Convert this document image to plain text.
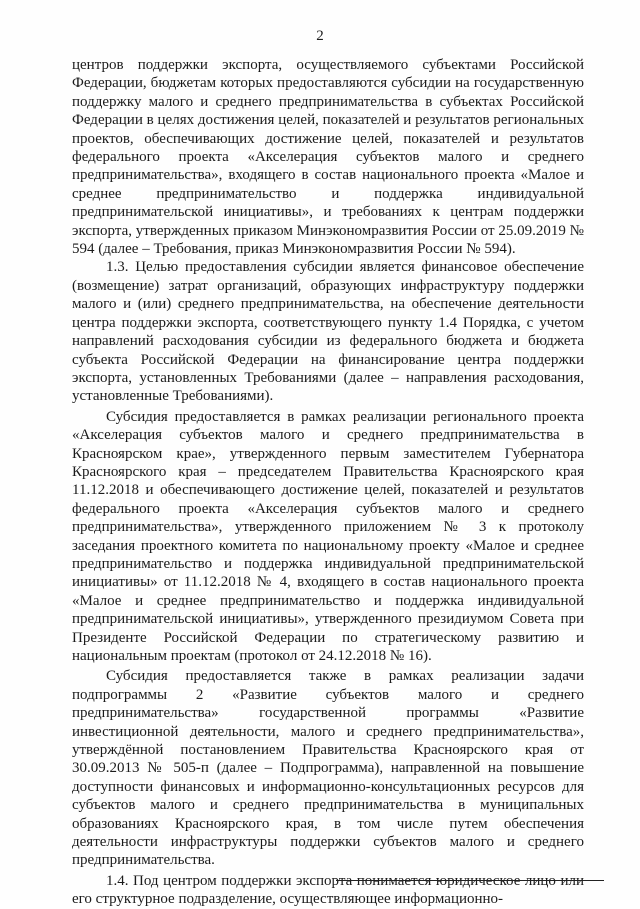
2

центров поддержки экспорта, осуществляемого субъектами Российской Федерации, бюджетам которых предоставляются субсидии на государственную поддержку малого и среднего предпринимательства в субъектах Российской Федерации в целях достижения целей, показателей и результатов региональных проектов, обеспечивающих достижение целей, показателей и результатов федерального проекта «Акселерация субъектов малого и среднего предпринимательства», входящего в состав национального проекта «Малое и среднее предпринимательство и поддержка индивидуальной предпринимательской инициативы», и требованиях к центрам поддержки экспорта, утвержденных приказом Минэкономразвития России от 25.09.2019 № 594 (далее – Требования, приказ Минэкономразвития России № 594).

1.3. Целью предоставления субсидии является финансовое обеспечение (возмещение) затрат организаций, образующих инфраструктуру поддержки малого и (или) среднего предпринимательства, на обеспечение деятельности центра поддержки экспорта, соответствующего пункту 1.4 Порядка, с учетом направлений расходования субсидии из федерального бюджета и бюджета субъекта Российской Федерации на финансирование центра поддержки экспорта, установленных Требованиями (далее – направления расходования, установленные Требованиями).

Субсидия предоставляется в рамках реализации регионального проекта «Акселерация субъектов малого и среднего предпринимательства в Красноярском крае», утвержденного первым заместителем Губернатора Красноярского края – председателем Правительства Красноярского края 11.12.2018 и обеспечивающего достижение целей, показателей и результатов федерального проекта «Акселерация субъектов малого и среднего предпринимательства», утвержденного приложением № 3 к протоколу заседания проектного комитета по национальному проекту «Малое и среднее предпринимательство и поддержка индивидуальной предпринимательской инициативы» от 11.12.2018 № 4, входящего в состав национального проекта «Малое и среднее предпринимательство и поддержка индивидуальной предпринимательской инициативы», утвержденного президиумом Совета при Президенте Российской Федерации по стратегическому развитию и национальным проектам (протокол от 24.12.2018 № 16).

Субсидия предоставляется также в рамках реализации задачи подпрограммы 2 «Развитие субъектов малого и среднего предпринимательства» государственной программы «Развитие инвестиционной деятельности, малого и среднего предпринимательства», утверждённой постановлением Правительства Красноярского края от 30.09.2013 № 505-п (далее – Подпрограмма), направленной на повышение доступности финансовых и информационно-консультационных ресурсов для субъектов малого и среднего предпринимательства в муниципальных образованиях Красноярского края, в том числе путем обеспечения деятельности инфраструктуры поддержки субъектов малого и среднего предпринимательства.

1.4. Под центром поддержки экспорта понимается юридическое лицо или его структурное подразделение, осуществляющее информационно-
